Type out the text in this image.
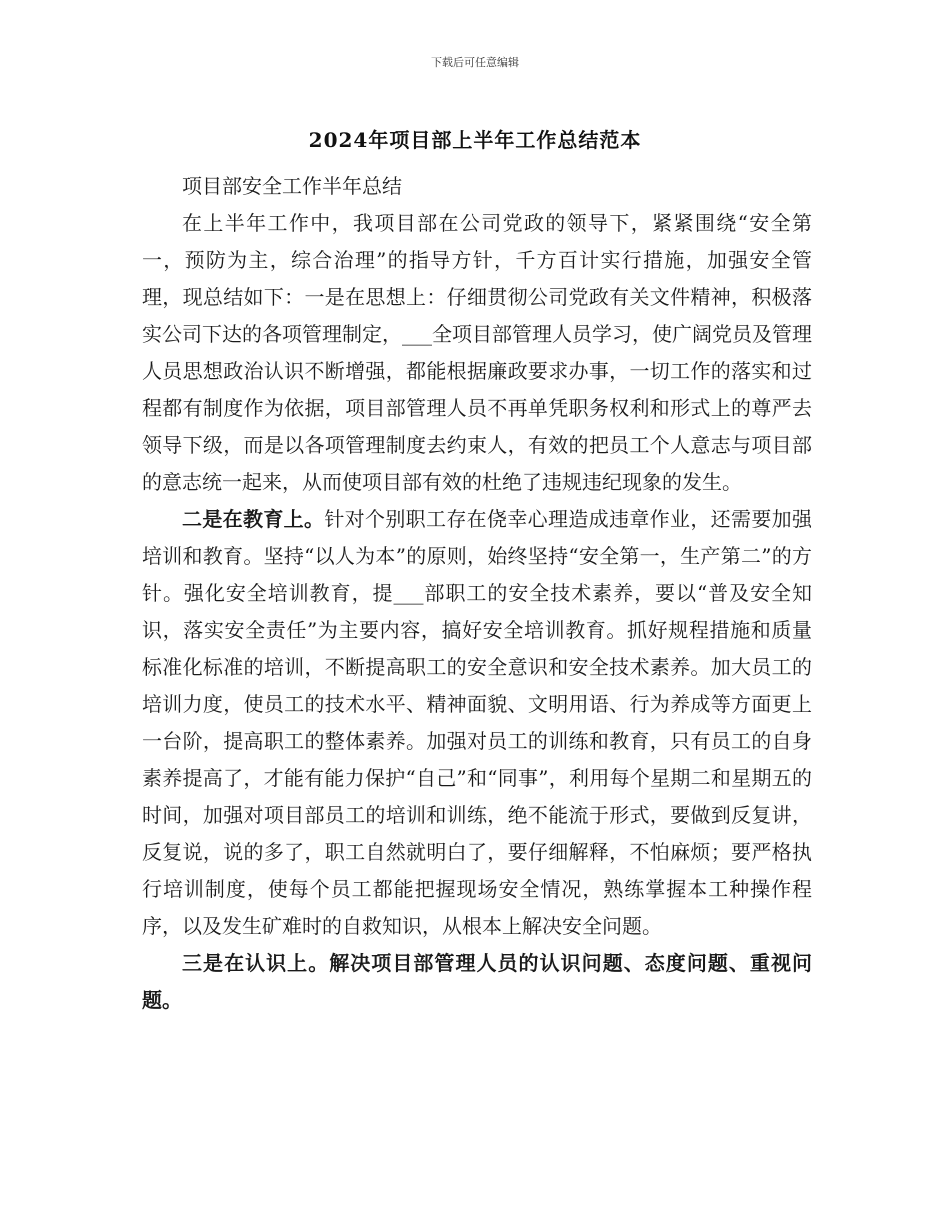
下载后可任意编辑
2024年项目部上半年工作总结范本

项目部安全工作半年总结

在上半年工作中，我项目部在公司党政的领导下，紧紧围绕“安全第一，预防为主，综合治理”的指导方针，千方百计实行措施，加强安全管理，现总结如下：一是在思想上：仔细贯彻公司党政有关文件精神，积极落实公司下达的各项管理制定，___全项目部管理人员学习，使广阔党员及管理人员思想政治认识不断增强，都能根据廉政要求办事，一切工作的落实和过程都有制度作为依据，项目部管理人员不再单凭职务权利和形式上的尊严去领导下级，而是以各项管理制度去约束人，有效的把员工个人意志与项目部的意志统一起来，从而使项目部有效的杜绝了违规违纪现象的发生。

二是在教育上。针对个别职工存在侥幸心理造成违章作业，还需要加强培训和教育。坚持“以人为本”的原则，始终坚持“安全第一，生产第二”的方针。强化安全培训教育，提___部职工的安全技术素养，要以“普及安全知识，落实安全责任”为主要内容，搞好安全培训教育。抓好规程措施和质量标准化标准的培训，不断提高职工的安全意识和安全技术素养。加大员工的培训力度，使员工的技术水平、精神面貌、文明用语、行为养成等方面更上一台阶，提高职工的整体素养。加强对员工的训练和教育，只有员工的自身素养提高了，才能有能力保护“自己”和“同事”，利用每个星期二和星期五的时间，加强对项目部员工的培训和训练，绝不能流于形式，要做到反复讲，反复说，说的多了，职工自然就明白了，要仔细解释，不怕麻烦；要严格执行培训制度，使每个员工都能把握现场安全情况，熟练掌握本工种操作程序，以及发生矿难时的自救知识，从根本上解决安全问题。

三是在认识上。解决项目部管理人员的认识问题、态度问题、重视问题。
